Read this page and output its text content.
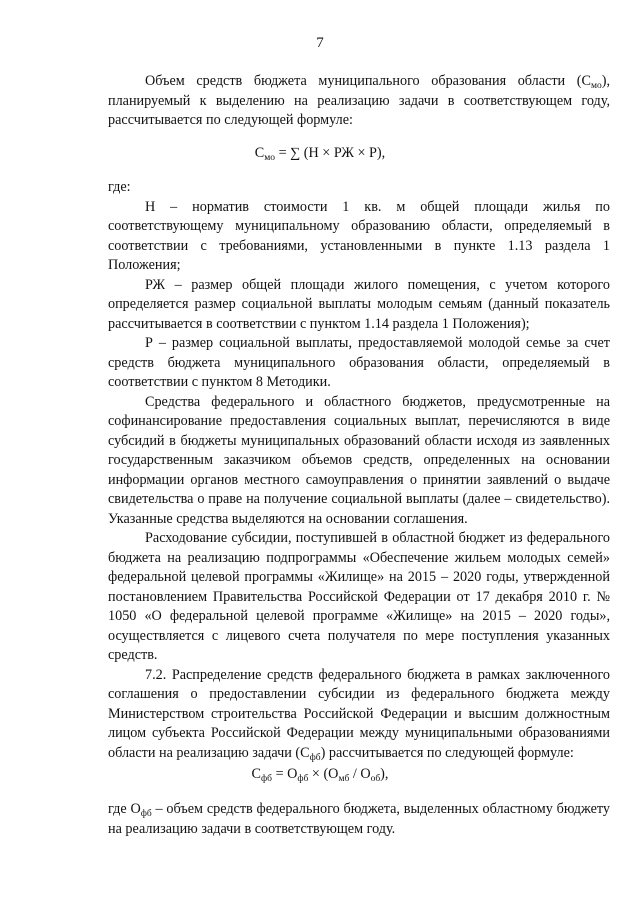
7

Объем средств бюджета муниципального образования области $(С_{мо})$, планируемый к выделению на реализацию задачи в соответствующем году, рассчитывается по следующей формуле:

$С_{мо}$ = ∑ (Н × РЖ × Р),

где:

Н – норматив стоимости 1 кв. м общей площади жилья по соответствующему муниципальному образованию области, определяемый в соответствии с требованиями, установленными в пункте 1.13 раздела 1 Положения;

РЖ – размер общей площади жилого помещения, с учетом которого определяется размер социальной выплаты молодым семьям (данный показатель рассчитывается в соответствии с пунктом 1.14 раздела 1 Положения);

Р – размер социальной выплаты, предоставляемой молодой семье за счет средств бюджета муниципального образования области, определяемый в соответствии с пунктом 8 Методики.

Средства федерального и областного бюджетов, предусмотренные на софинансирование предоставления социальных выплат, перечисляются в виде субсидий в бюджеты муниципальных образований области исходя из заявленных государственным заказчиком объемов средств, определенных на основании информации органов местного самоуправления о принятии заявлений о выдаче свидетельства о праве на получение социальной выплаты (далее – свидетельство). Указанные средства выделяются на основании соглашения.

Расходование субсидии, поступившей в областной бюджет из федерального бюджета на реализацию подпрограммы «Обеспечение жильем молодых семей» федеральной целевой программы «Жилище» на 2015 – 2020 годы, утвержденной постановлением Правительства Российской Федерации от 17 декабря 2010 г. № 1050 «О федеральной целевой программе «Жилище» на 2015 – 2020 годы», осуществляется с лицевого счета получателя по мере поступления указанных средств.

7.2. Распределение средств федерального бюджета в рамках заключенного соглашения о предоставлении субсидии из федерального бюджета между Министерством строительства Российской Федерации и высшим должностным лицом субъекта Российской Федерации между муниципальными образованиями области на реализацию задачи $(С_{фб})$ рассчитывается по следующей формуле:

$С_{фб} = О_{фб} \times (О_{мб} / О_{об})$,

где $О_{фб}$ – объем средств федерального бюджета, выделенных областному бюджету на реализацию задачи в соответствующем году.
